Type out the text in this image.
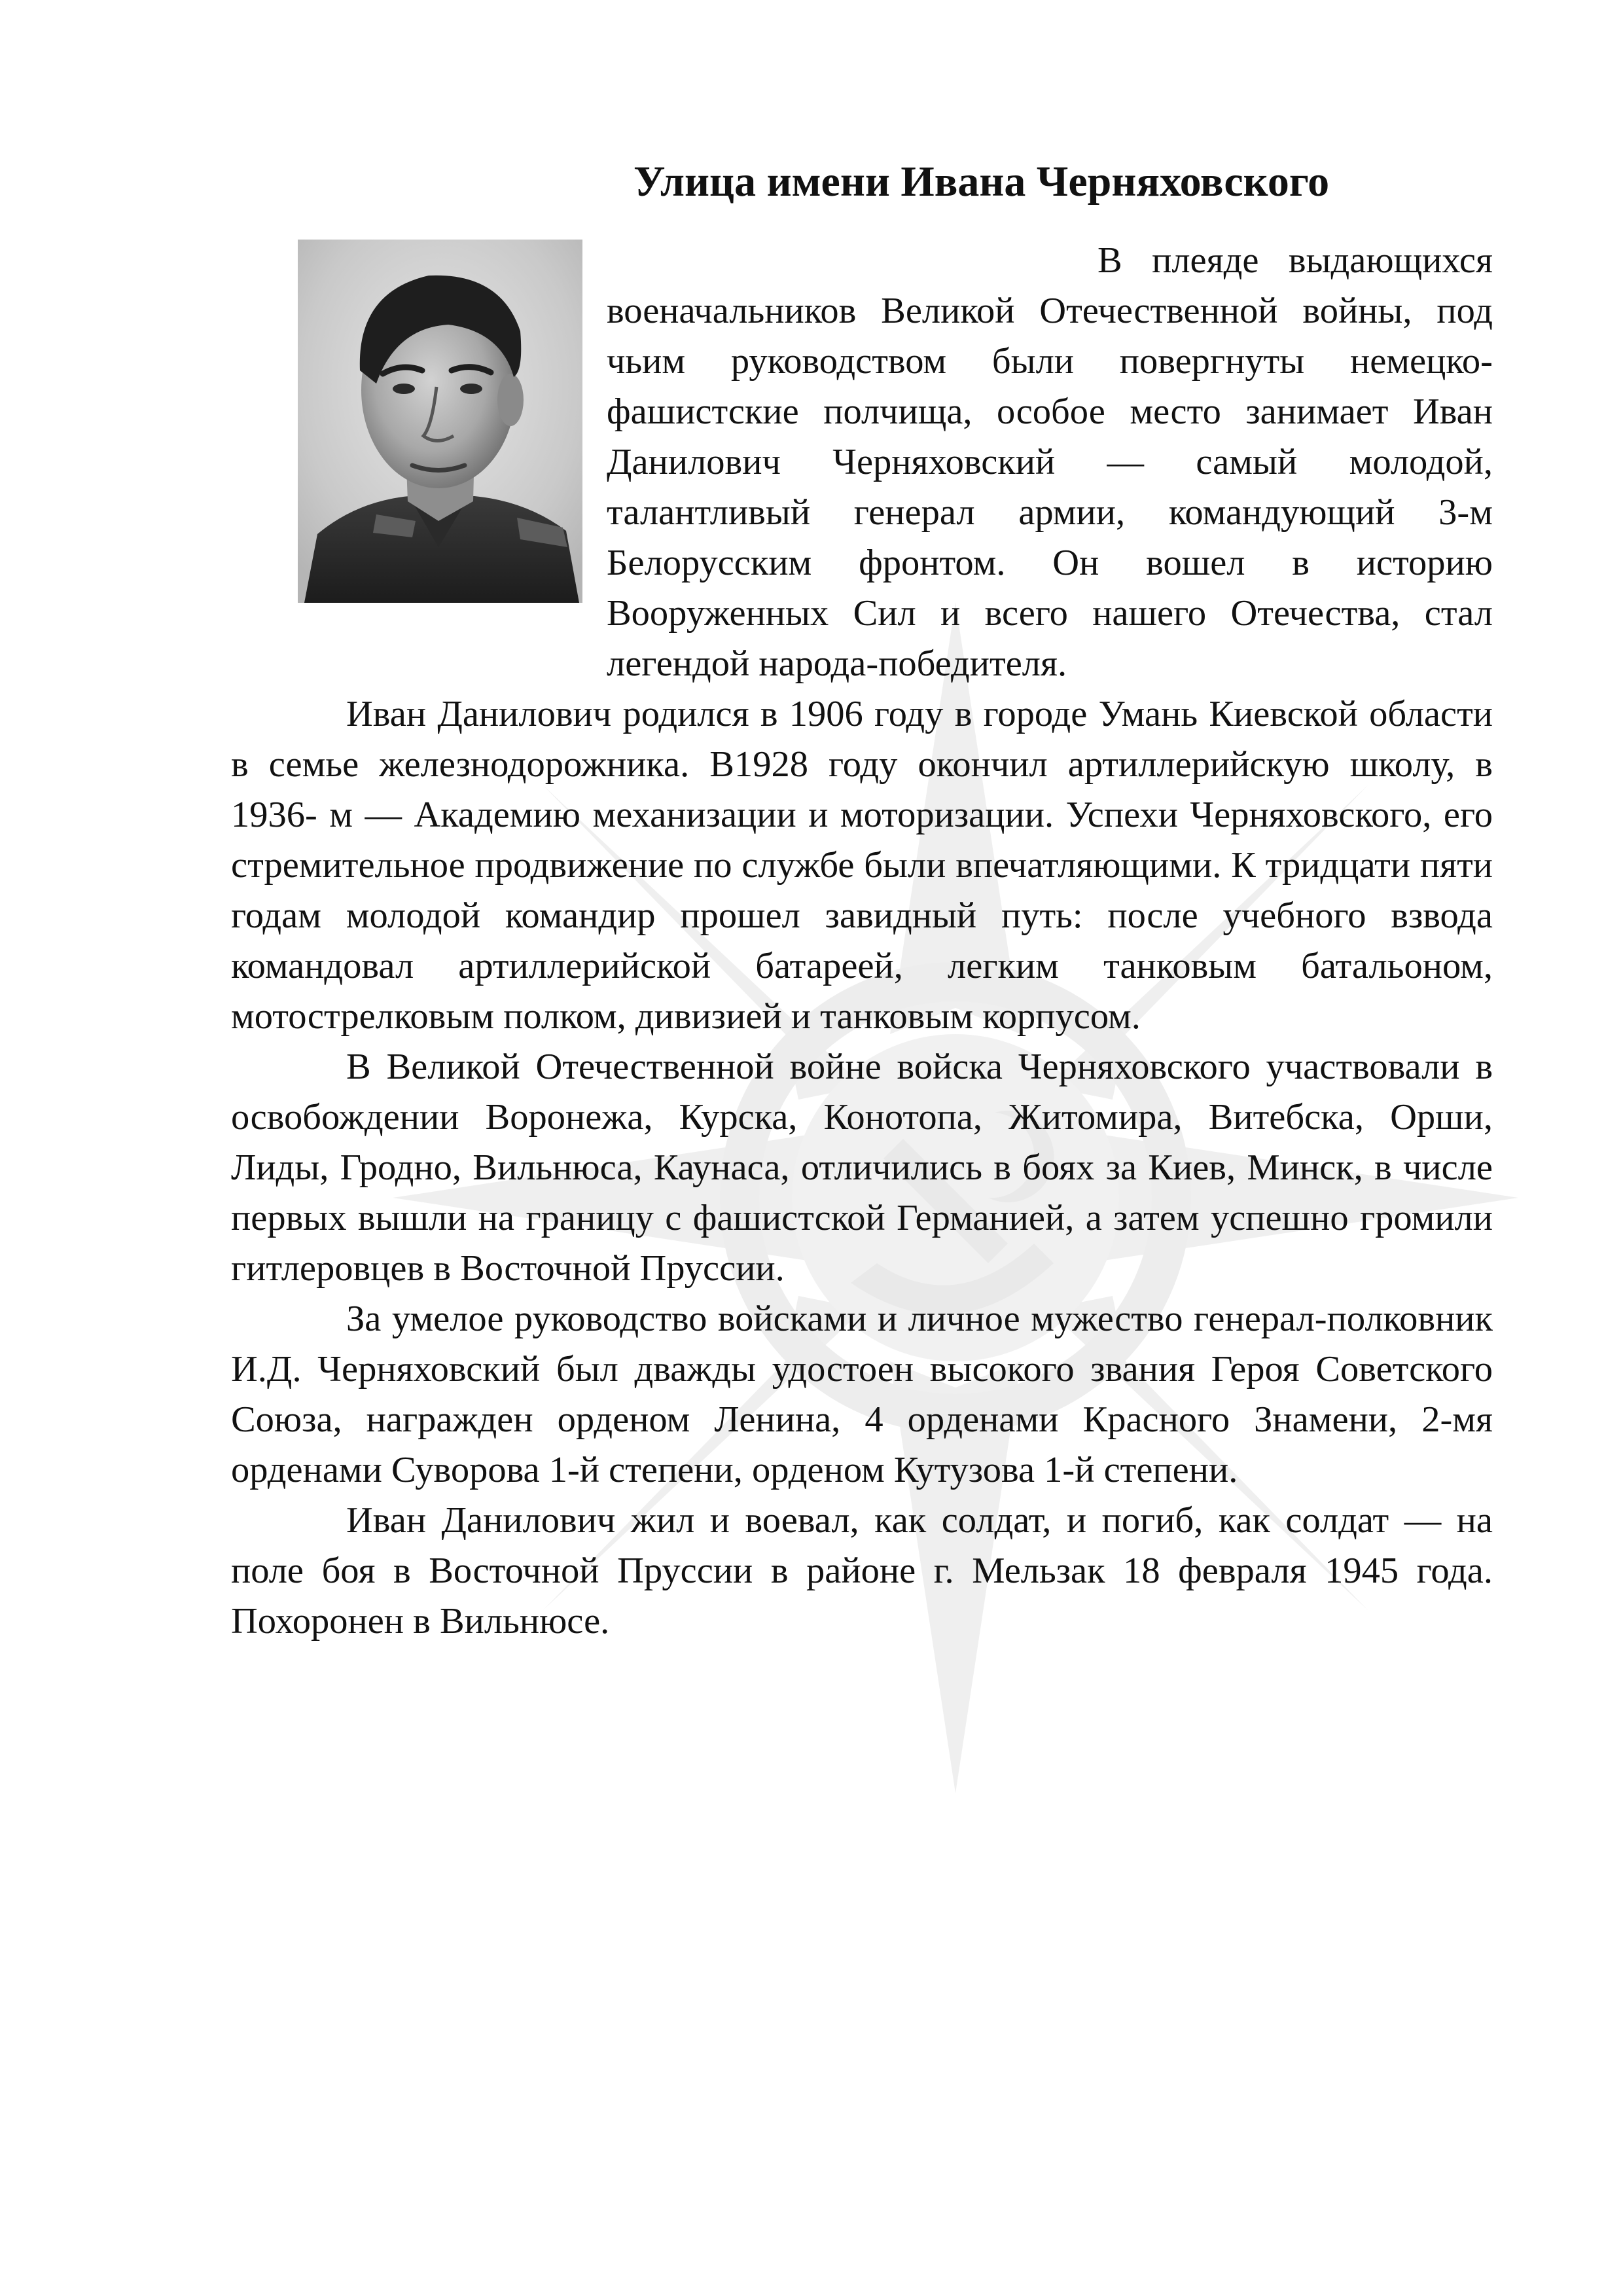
Улица имени Ивана Черняховского

В плеяде выдающихся военачальников Великой Отечественной войны, под чьим руководством были повергнуты немецко-фашистские полчища, особое место занимает Иван Данилович Черняховский — самый молодой, талантливый генерал армии, командующий 3-м Белорусским фронтом. Он вошел в историю Вооруженных Сил и всего нашего Отечества, стал легендой народа-победителя.

Иван Данилович родился в 1906 году в городе Умань Киевской области в семье железнодорожника. В1928 году окончил артиллерийскую школу, в 1936- м — Академию механизации и моторизации. Успехи Черняховского, его стремительное продвижение по службе были впечатляющими. К тридцати пяти годам молодой командир прошел завидный путь: после учебного взвода командовал артиллерийской батареей, легким танковым батальоном, мотострелковым полком, дивизией и танковым корпусом.

В Великой Отечественной войне войска Черняховского участвовали в освобождении Воронежа, Курска, Конотопа, Житомира, Витебска, Орши, Лиды, Гродно, Вильнюса, Каунаса, отличились в боях за Киев, Минск, в числе первых вышли на границу с фашистской Германией, а затем успешно громили гитлеровцев в Восточной Пруссии.

За умелое руководство войсками и личное мужество генерал-полковник И.Д. Черняховский был дважды удостоен высокого звания Героя Советского Союза, награжден орденом Ленина, 4 орденами Красного Знамени, 2-мя орденами Суворова 1-й степени, орденом Кутузова 1-й степени.

Иван Данилович жил и воевал, как солдат, и погиб, как солдат — на поле боя в Восточной Пруссии в районе г. Мельзак 18 февраля 1945 года. Похоронен в Вильнюсе.
